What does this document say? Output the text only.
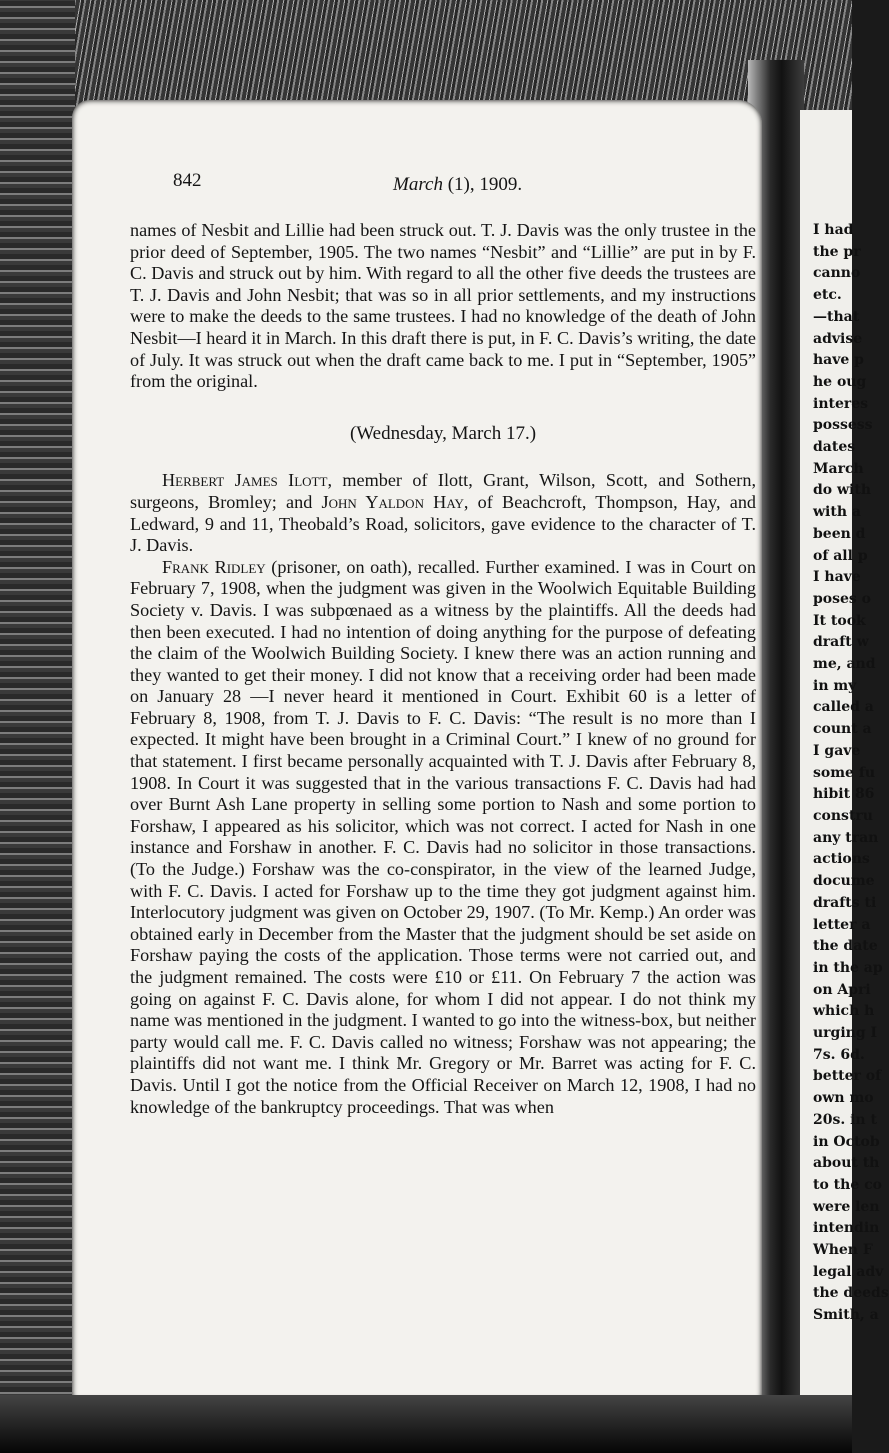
I had
the pr
canno
etc.
—that
advise
have p
he oug
interes
possess
dates
March
do with
with a
been d
of all p
I have
poses o
It took
draft w
me, and
in my
called a
count a
I gave
some fu
hibit 86
constru
any tran
actions
docume
drafts ti
letter a
the date
in the ap
on Apri
which h
urging I
7s. 6d.
better of
own mo
20s. in t
in Octob
about th
to the co
were len
intendin
When F
legal adv
the deeds
Smith, a
842	March (1), 1909.

names of Nesbit and Lillie had been struck out. T. J. Davis was the only trustee in the prior deed of September, 1905. The two names “Nesbit” and “Lillie” are put in by F. C. Davis and struck out by him. With regard to all the other five deeds the trustees are T. J. Davis and John Nesbit; that was so in all prior settlements, and my instructions were to make the deeds to the same trustees. I had no knowledge of the death of John Nesbit—I heard it in March. In this draft there is put, in F. C. Davis’s writing, the date of July. It was struck out when the draft came back to me. I put in “September, 1905” from the original.

(Wednesday, March 17.)

Herbert James Ilott, member of Ilott, Grant, Wilson, Scott, and Sothern, surgeons, Bromley; and John Yaldon Hay, of Beachcroft, Thompson, Hay, and Ledward, 9 and 11, Theobald’s Road, solicitors, gave evidence to the character of T. J. Davis.

Frank Ridley (prisoner, on oath), recalled. Further examined. I was in Court on February 7, 1908, when the judgment was given in the Woolwich Equitable Building Society v. Davis. I was subpœnaed as a witness by the plaintiffs. All the deeds had then been executed. I had no intention of doing anything for the purpose of defeating the claim of the Woolwich Building Society. I knew there was an action running and they wanted to get their money. I did not know that a receiving order had been made on January 28 —I never heard it mentioned in Court. Exhibit 60 is a letter of February 8, 1908, from T. J. Davis to F. C. Davis: “The result is no more than I expected. It might have been brought in a Criminal Court.” I knew of no ground for that statement. I first became personally acquainted with T. J. Davis after February 8, 1908. In Court it was suggested that in the various transactions F. C. Davis had had over Burnt Ash Lane property in selling some portion to Nash and some portion to Forshaw, I appeared as his solicitor, which was not correct. I acted for Nash in one instance and Forshaw in another. F. C. Davis had no solicitor in those transactions. (To the Judge.) Forshaw was the co-conspirator, in the view of the learned Judge, with F. C. Davis. I acted for Forshaw up to the time they got judgment against him. Interlocutory judgment was given on October 29, 1907. (To Mr. Kemp.) An order was obtained early in December from the Master that the judgment should be set aside on Forshaw paying the costs of the application. Those terms were not carried out, and the judgment remained. The costs were £10 or £11. On February 7 the action was going on against F. C. Davis alone, for whom I did not appear. I do not think my name was mentioned in the judgment. I wanted to go into the witness-box, but neither party would call me. F. C. Davis called no witness; Forshaw was not appearing; the plaintiffs did not want me. I think Mr. Gregory or Mr. Barret was acting for F. C. Davis. Until I got the notice from the Official Receiver on March 12, 1908, I had no knowledge of the bankruptcy proceedings. That was when
